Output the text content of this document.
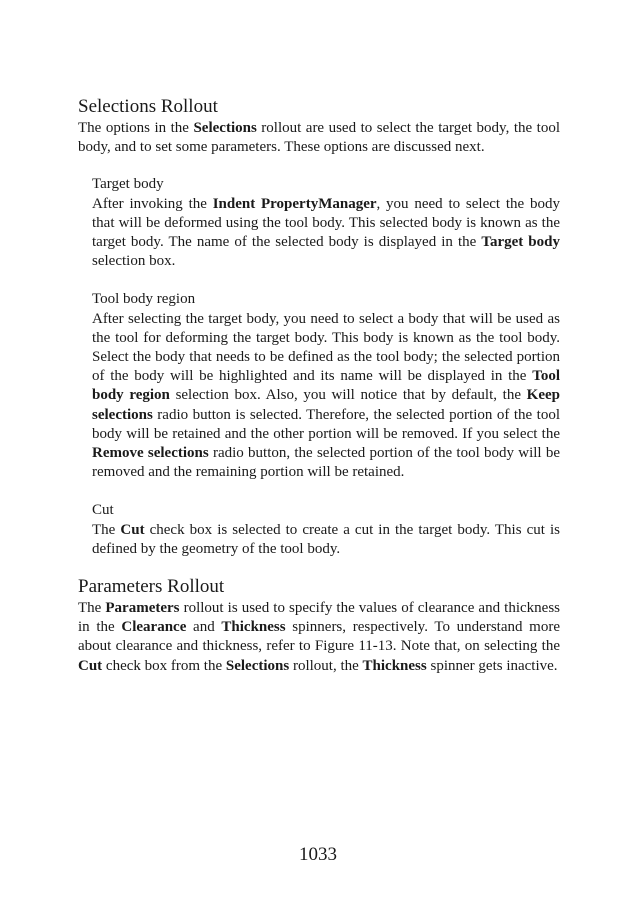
Selections Rollout

The options in the Selections rollout are used to select the target body, the tool body, and to set some parameters. These options are discussed next.

Target body

After invoking the Indent PropertyManager, you need to select the body that will be deformed using the tool body. This selected body is known as the target body. The name of the selected body is displayed in the Target body selection box.

Tool body region

After selecting the target body, you need to select a body that will be used as the tool for deforming the target body. This body is known as the tool body. Select the body that needs to be defined as the tool body; the selected portion of the body will be highlighted and its name will be displayed in the Tool body region selection box. Also, you will notice that by default, the Keep selections radio button is selected. Therefore, the selected portion of the tool body will be retained and the other portion will be removed. If you select the Remove selections radio button, the selected portion of the tool body will be removed and the remaining portion will be retained.

Cut

The Cut check box is selected to create a cut in the target body. This cut is defined by the geometry of the tool body.

Parameters Rollout

The Parameters rollout is used to specify the values of clearance and thickness in the Clearance and Thickness spinners, respectively. To understand more about clearance and thickness, refer to Figure 11-13. Note that, on selecting the Cut check box from the Selections rollout, the Thickness spinner gets inactive.

1033
